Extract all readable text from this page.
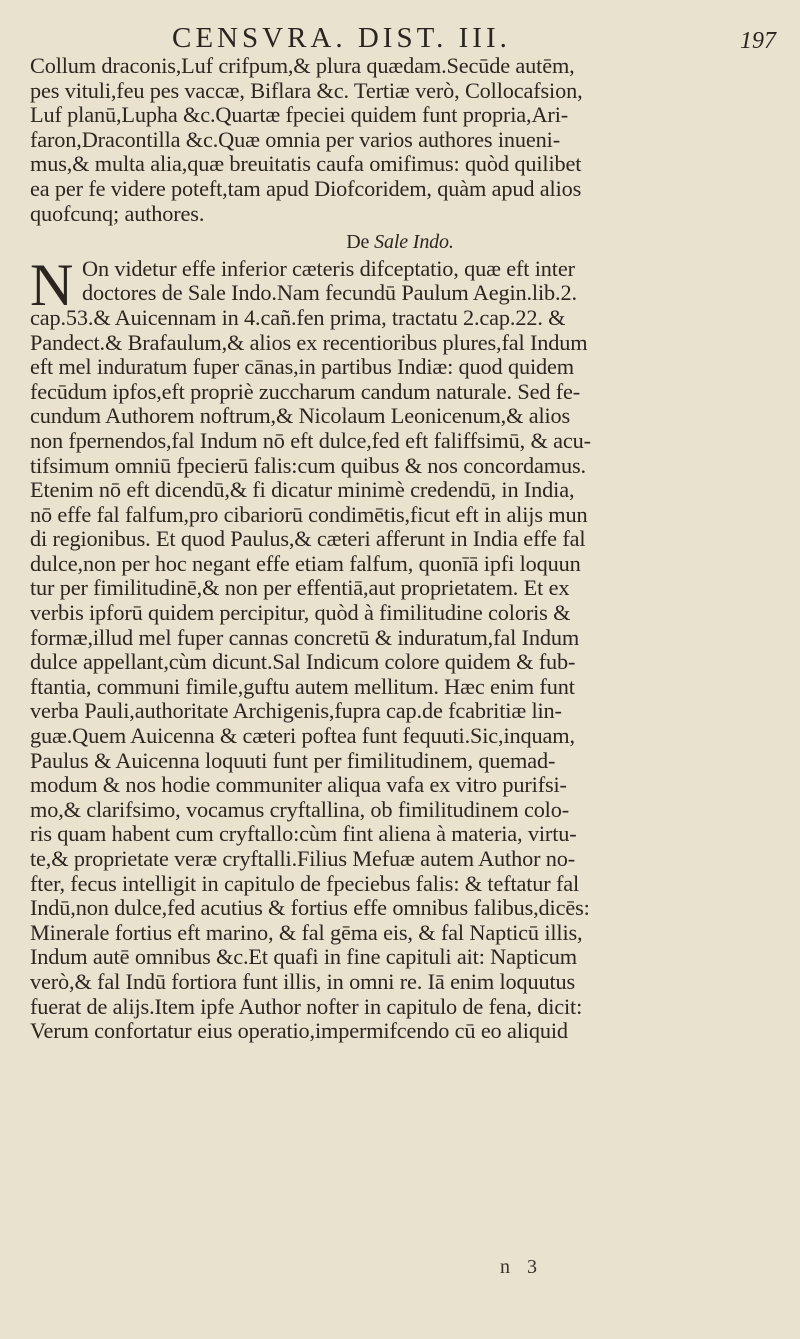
CENSVRA. DIST. III.	197
Collum draconis,Luf crifpum,& plura quædam.Secūde autēm,
pes vituli,feu pes vaccæ, Biflara &c. Tertiæ verò, Collocafsion,
Luf planū,Lupha &c.Quartæ fpeciei quidem funt propria,Ari-
faron,Dracontilla &c.Quæ omnia per varios authores inueni-
mus,& multa alia,quæ breuitatis caufa omifimus: quòd quilibet
ea per fe videre poteft,tam apud Diofcoridem, quàm apud alios
quofcunq; authores.
De Sale Indo.
N On videtur effe inferior cæteris difceptatio, quæ eft inter
doctores de Sale Indo.Nam fecundū Paulum Aegin.lib.2.
cap.53.& Auicennam in 4.cañ.fen prima, tractatu 2.cap.22. &
Pandect.& Brafaulum,& alios ex recentioribus plures,fal Indum
eft mel induratum fuper cānas,in partibus Indiæ: quod quidem
fecūdum ipfos,eft propriè zuccharum candum naturale. Sed fe-
cundum Authorem noftrum,& Nicolaum Leonicenum,& alios
non fpernendos,fal Indum nō eft dulce,fed eft faliffsimū, & acu-
tifsimum omniū fpecierū falis:cum quibus & nos concordamus.
Etenim nō eft dicendū,& fi dicatur minimè credendū, in India,
nō effe fal falfum,pro cibariorū condimētis,ficut eft in alijs mun
di regionibus. Et quod Paulus,& cæteri afferunt in India effe fal
dulce,non per hoc negant effe etiam falfum, quonīā ipfi loquun
tur per fimilitudinē,& non per effentiā,aut proprietatem. Et ex
verbis ipforū quidem percipitur, quòd à fimilitudine coloris &
formæ,illud mel fuper cannas concretū & induratum,fal Indum
dulce appellant,cùm dicunt.Sal Indicum colore quidem & fub-
ftantia, communi fimile,guftu autem mellitum. Hæc enim funt
verba Pauli,authoritate Archigenis,fupra cap.de fcabritiæ lin-
guæ.Quem Auicenna & cæteri poftea funt fequuti.Sic,inquam,
Paulus & Auicenna loquuti funt per fimilitudinem, quemad-
modum & nos hodie communiter aliqua vafa ex vitro purifsi-
mo,& clarifsimo, vocamus cryftallina, ob fimilitudinem colo-
ris quam habent cum cryftallo:cùm fint aliena à materia, virtu-
te,& proprietate veræ cryftalli.Filius Mefuæ autem Author no-
fter, fecus intelligit in capitulo de fpeciebus falis: & teftatur fal
Indū,non dulce,fed acutius & fortius effe omnibus falibus,dicēs:
Minerale fortius eft marino, & fal gēma eis, & fal Napticū illis,
Indum autē omnibus &c.Et quafi in fine capituli ait: Napticum
verò,& fal Indū fortiora funt illis, in omni re. Iā enim loquutus
fuerat de alijs.Item ipfe Author nofter in capitulo de fena, dicit:
Verum confortatur eius operatio,impermifcendo cū eo aliquid
n 3
